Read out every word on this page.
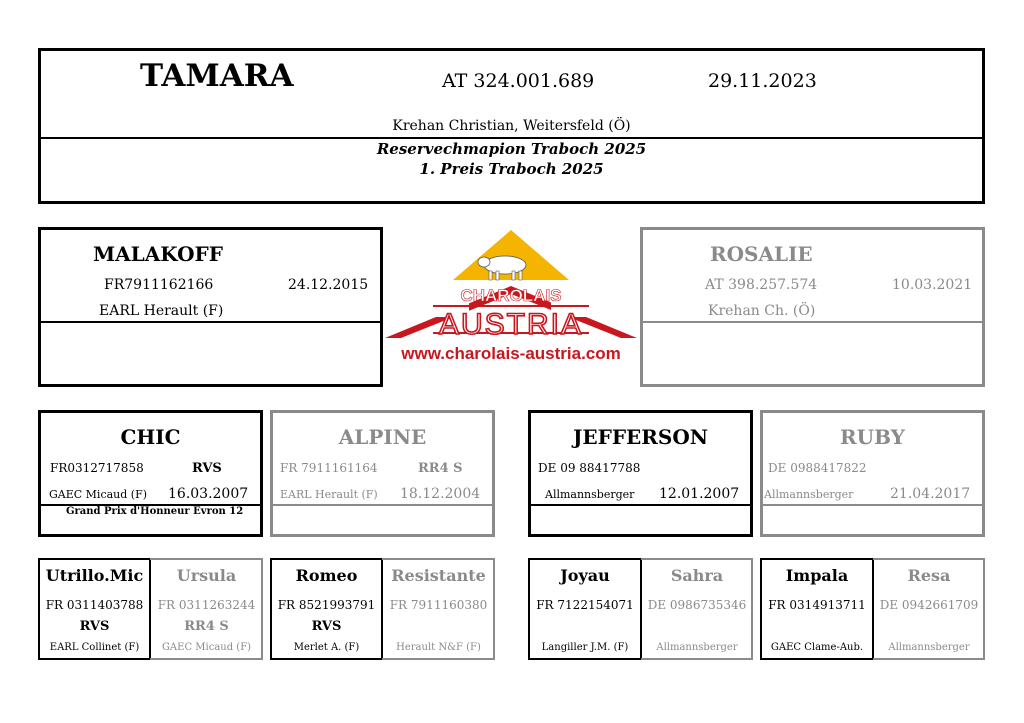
TAMARA	AT 324.001.689	29.11.2023
Krehan Christian, Weitersfeld (Ö)
Reservechmapion Traboch 2025
1. Preis Traboch 2025
MALAKOFF
FR7911162166	24.12.2015
EARL Herault (F)
CHAROLAIS
AUSTRIA
www.charolais-austria.com
ROSALIE
AT 398.257.574	10.03.2021
Krehan Ch. (Ö)
CHIC
FR0312717858	RVS
GAEC Micaud (F) 16.03.2007
Grand Prix d'Honneur Evron 12
ALPINE
FR 7911161164	RR4 S
EARL Herault (F) 18.12.2004
JEFFERSON
DE 09 88417788
Allmannsberger 12.01.2007
RUBY
DE 0988417822
Allmannsberger	21.04.2017
Utrillo.Mic
FR 0311403788
RVS
EARL Collinet (F)
Ursula
FR 0311263244
RR4 S
GAEC Micaud (F)
Romeo
FR 8521993791
RVS
Merlet A. (F)
Resistante
FR 7911160380
Herault N&F (F)
Joyau
FR 7122154071
Langiller J.M. (F)
Sahra
DE 0986735346
Allmannsberger
Impala
FR 0314913711
GAEC Clame-Aub.
Resa
DE 0942661709
Allmannsberger
